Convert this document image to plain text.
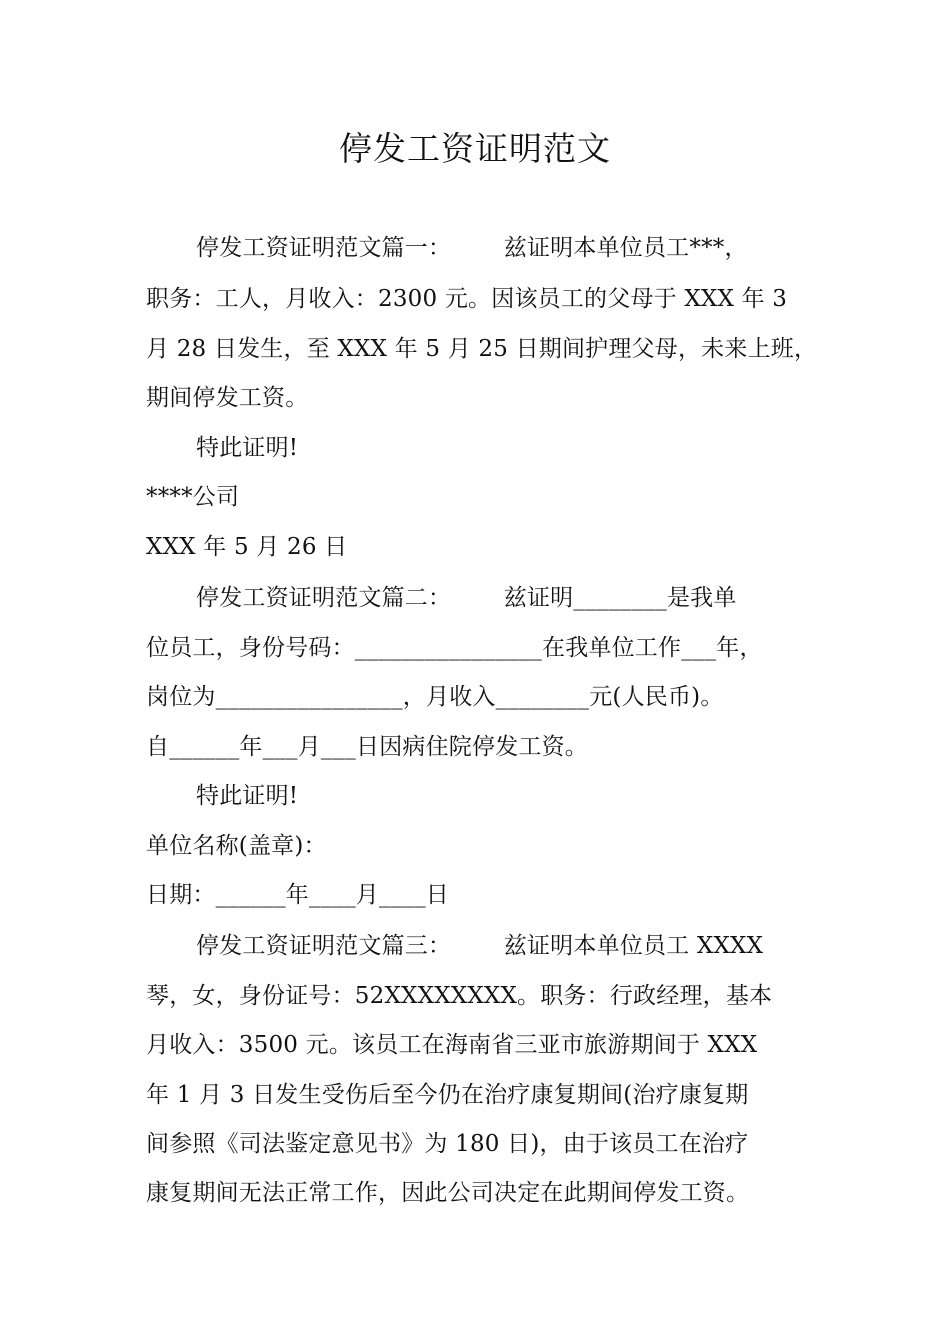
停发工资证明范文
停发工资证明范文篇一：       兹证明本单位员工***，
职务：工人，月收入：2300 元。因该员工的父母于 XXX 年 3
月 28 日发生，至 XXX 年 5 月 25 日期间护理父母，未来上班，
期间停发工资。
特此证明!
****公司
XXX 年 5 月 26 日
停发工资证明范文篇二：       兹证明________是我单
位员工，身份号码：________________在我单位工作___年，
岗位为________________，月收入________元(人民币)。
自______年___月___日因病住院停发工资。
特此证明!
单位名称(盖章)：
日期：______年____月____日
停发工资证明范文篇三：       兹证明本单位员工 XXXX
琴，女，身份证号：52XXXXXXXX。职务：行政经理，基本
月收入：3500 元。该员工在海南省三亚市旅游期间于 XXX
年 1 月 3 日发生受伤后至今仍在治疗康复期间(治疗康复期
间参照《司法鉴定意见书》为 180 日)，由于该员工在治疗
康复期间无法正常工作，因此公司决定在此期间停发工资。
